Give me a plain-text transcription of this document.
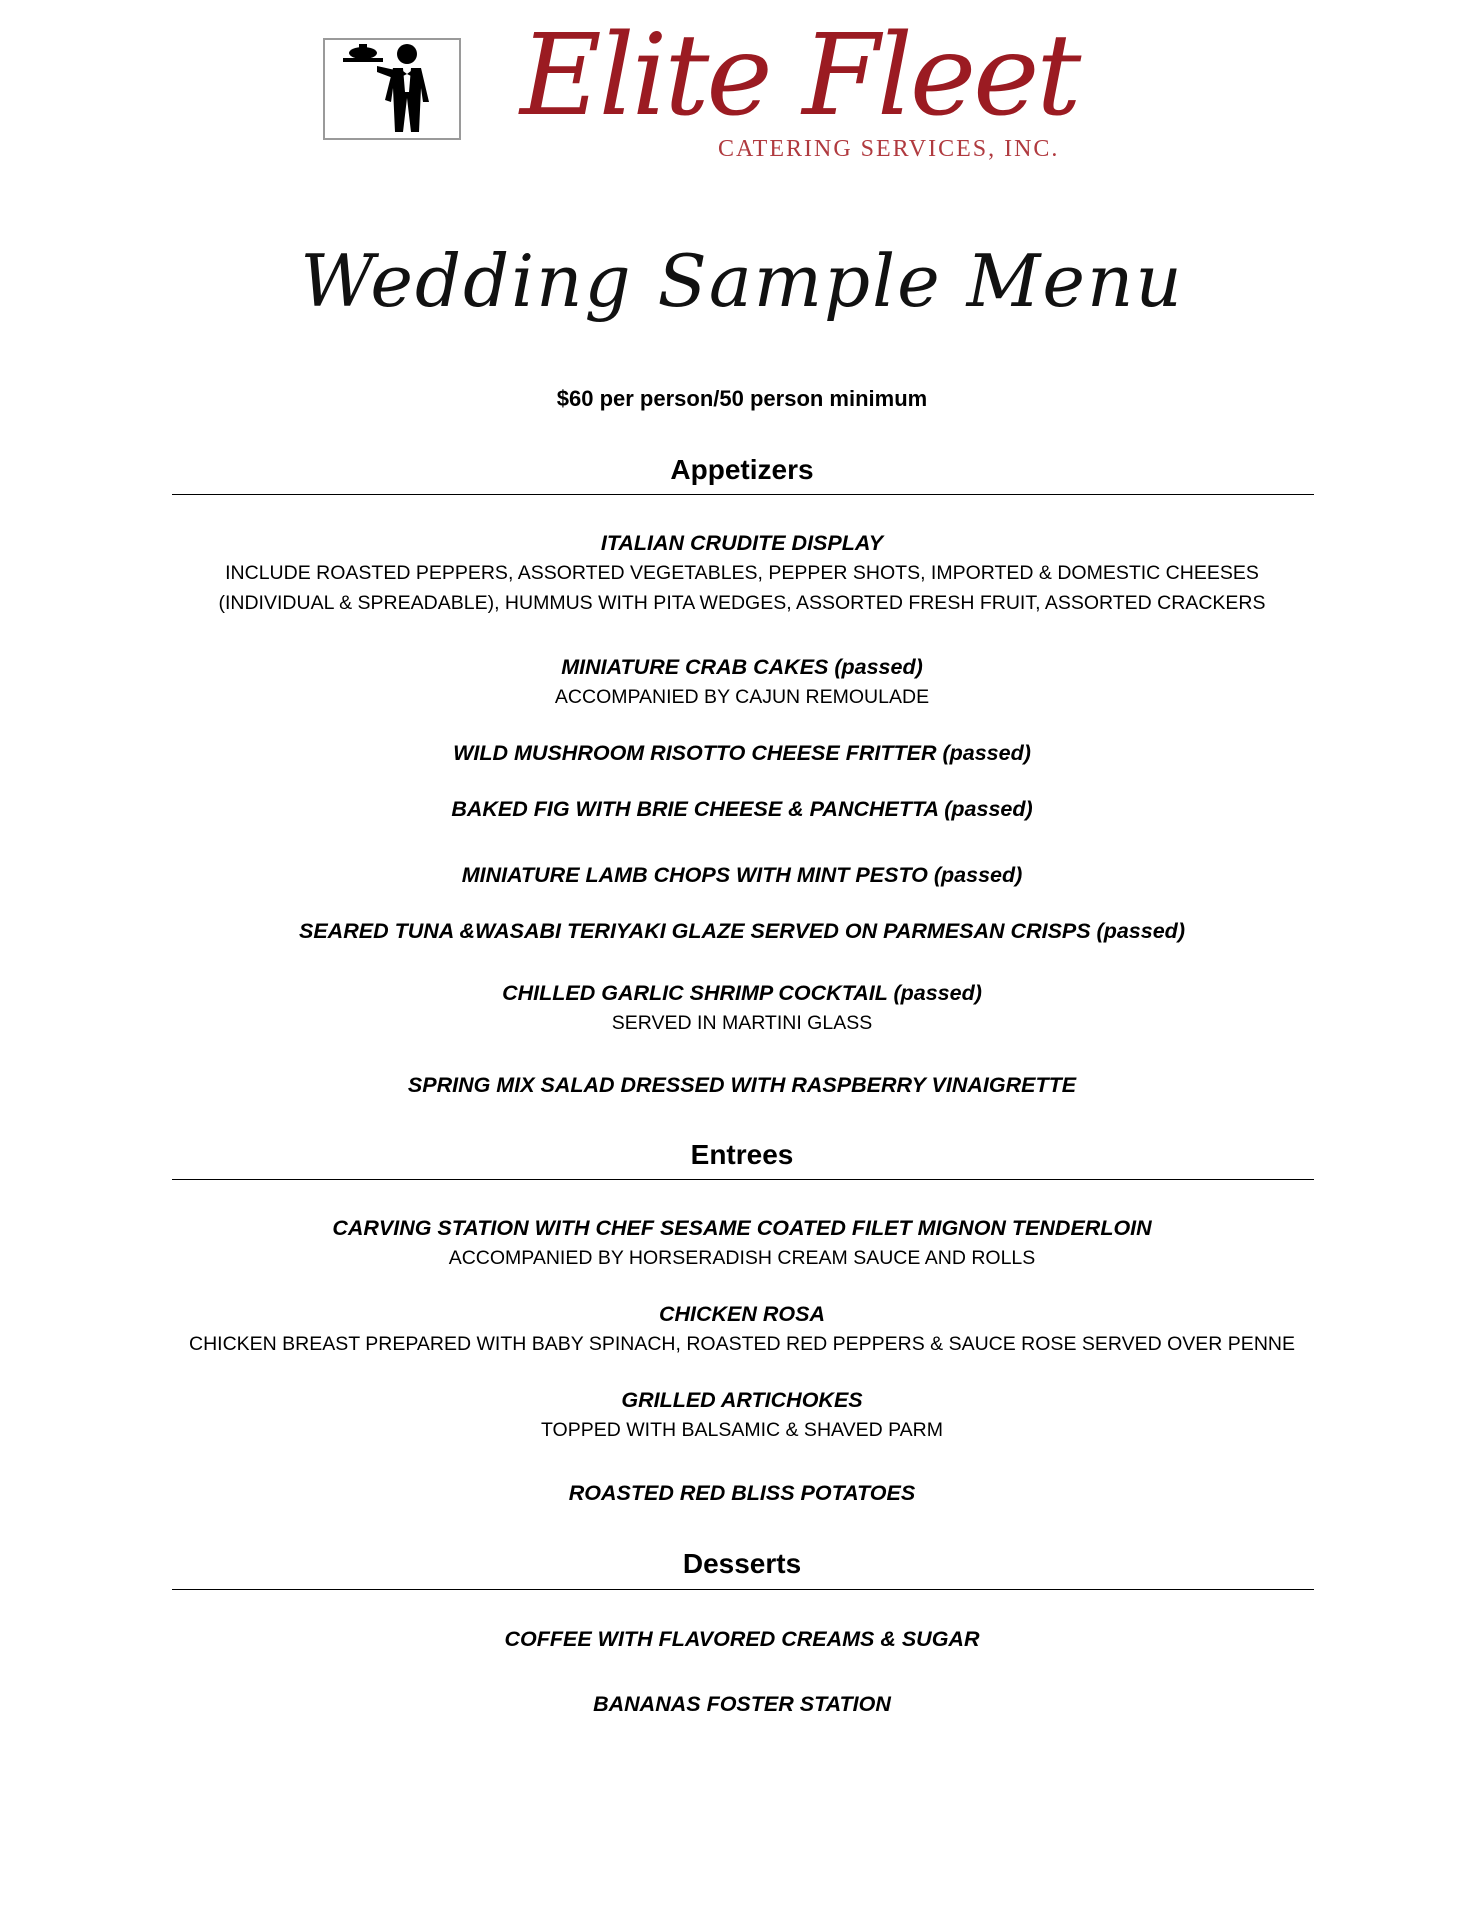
Elite Fleet
CATERING SERVICES, INC.
Wedding Sample Menu
$60 per person/50 person minimum
Appetizers
ITALIAN CRUDITE DISPLAY
INCLUDE ROASTED PEPPERS, ASSORTED VEGETABLES, PEPPER SHOTS, IMPORTED & DOMESTIC CHEESES
(INDIVIDUAL & SPREADABLE), HUMMUS WITH PITA WEDGES, ASSORTED FRESH FRUIT, ASSORTED CRACKERS
MINIATURE CRAB CAKES (passed)
ACCOMPANIED BY CAJUN REMOULADE
WILD MUSHROOM RISOTTO CHEESE FRITTER (passed)
BAKED FIG WITH BRIE CHEESE & PANCHETTA (passed)
MINIATURE LAMB CHOPS WITH MINT PESTO (passed)
SEARED TUNA &WASABI TERIYAKI GLAZE SERVED ON PARMESAN CRISPS (passed)
CHILLED GARLIC SHRIMP COCKTAIL (passed)
SERVED IN MARTINI GLASS
SPRING MIX SALAD DRESSED WITH RASPBERRY VINAIGRETTE
Entrees
CARVING STATION WITH CHEF SESAME COATED FILET MIGNON TENDERLOIN
ACCOMPANIED BY HORSERADISH CREAM SAUCE AND ROLLS
CHICKEN ROSA
CHICKEN BREAST PREPARED WITH BABY SPINACH, ROASTED RED PEPPERS & SAUCE ROSE SERVED OVER PENNE
GRILLED ARTICHOKES
TOPPED WITH BALSAMIC & SHAVED PARM
ROASTED RED BLISS POTATOES
Desserts
COFFEE WITH FLAVORED CREAMS & SUGAR
BANANAS FOSTER STATION
